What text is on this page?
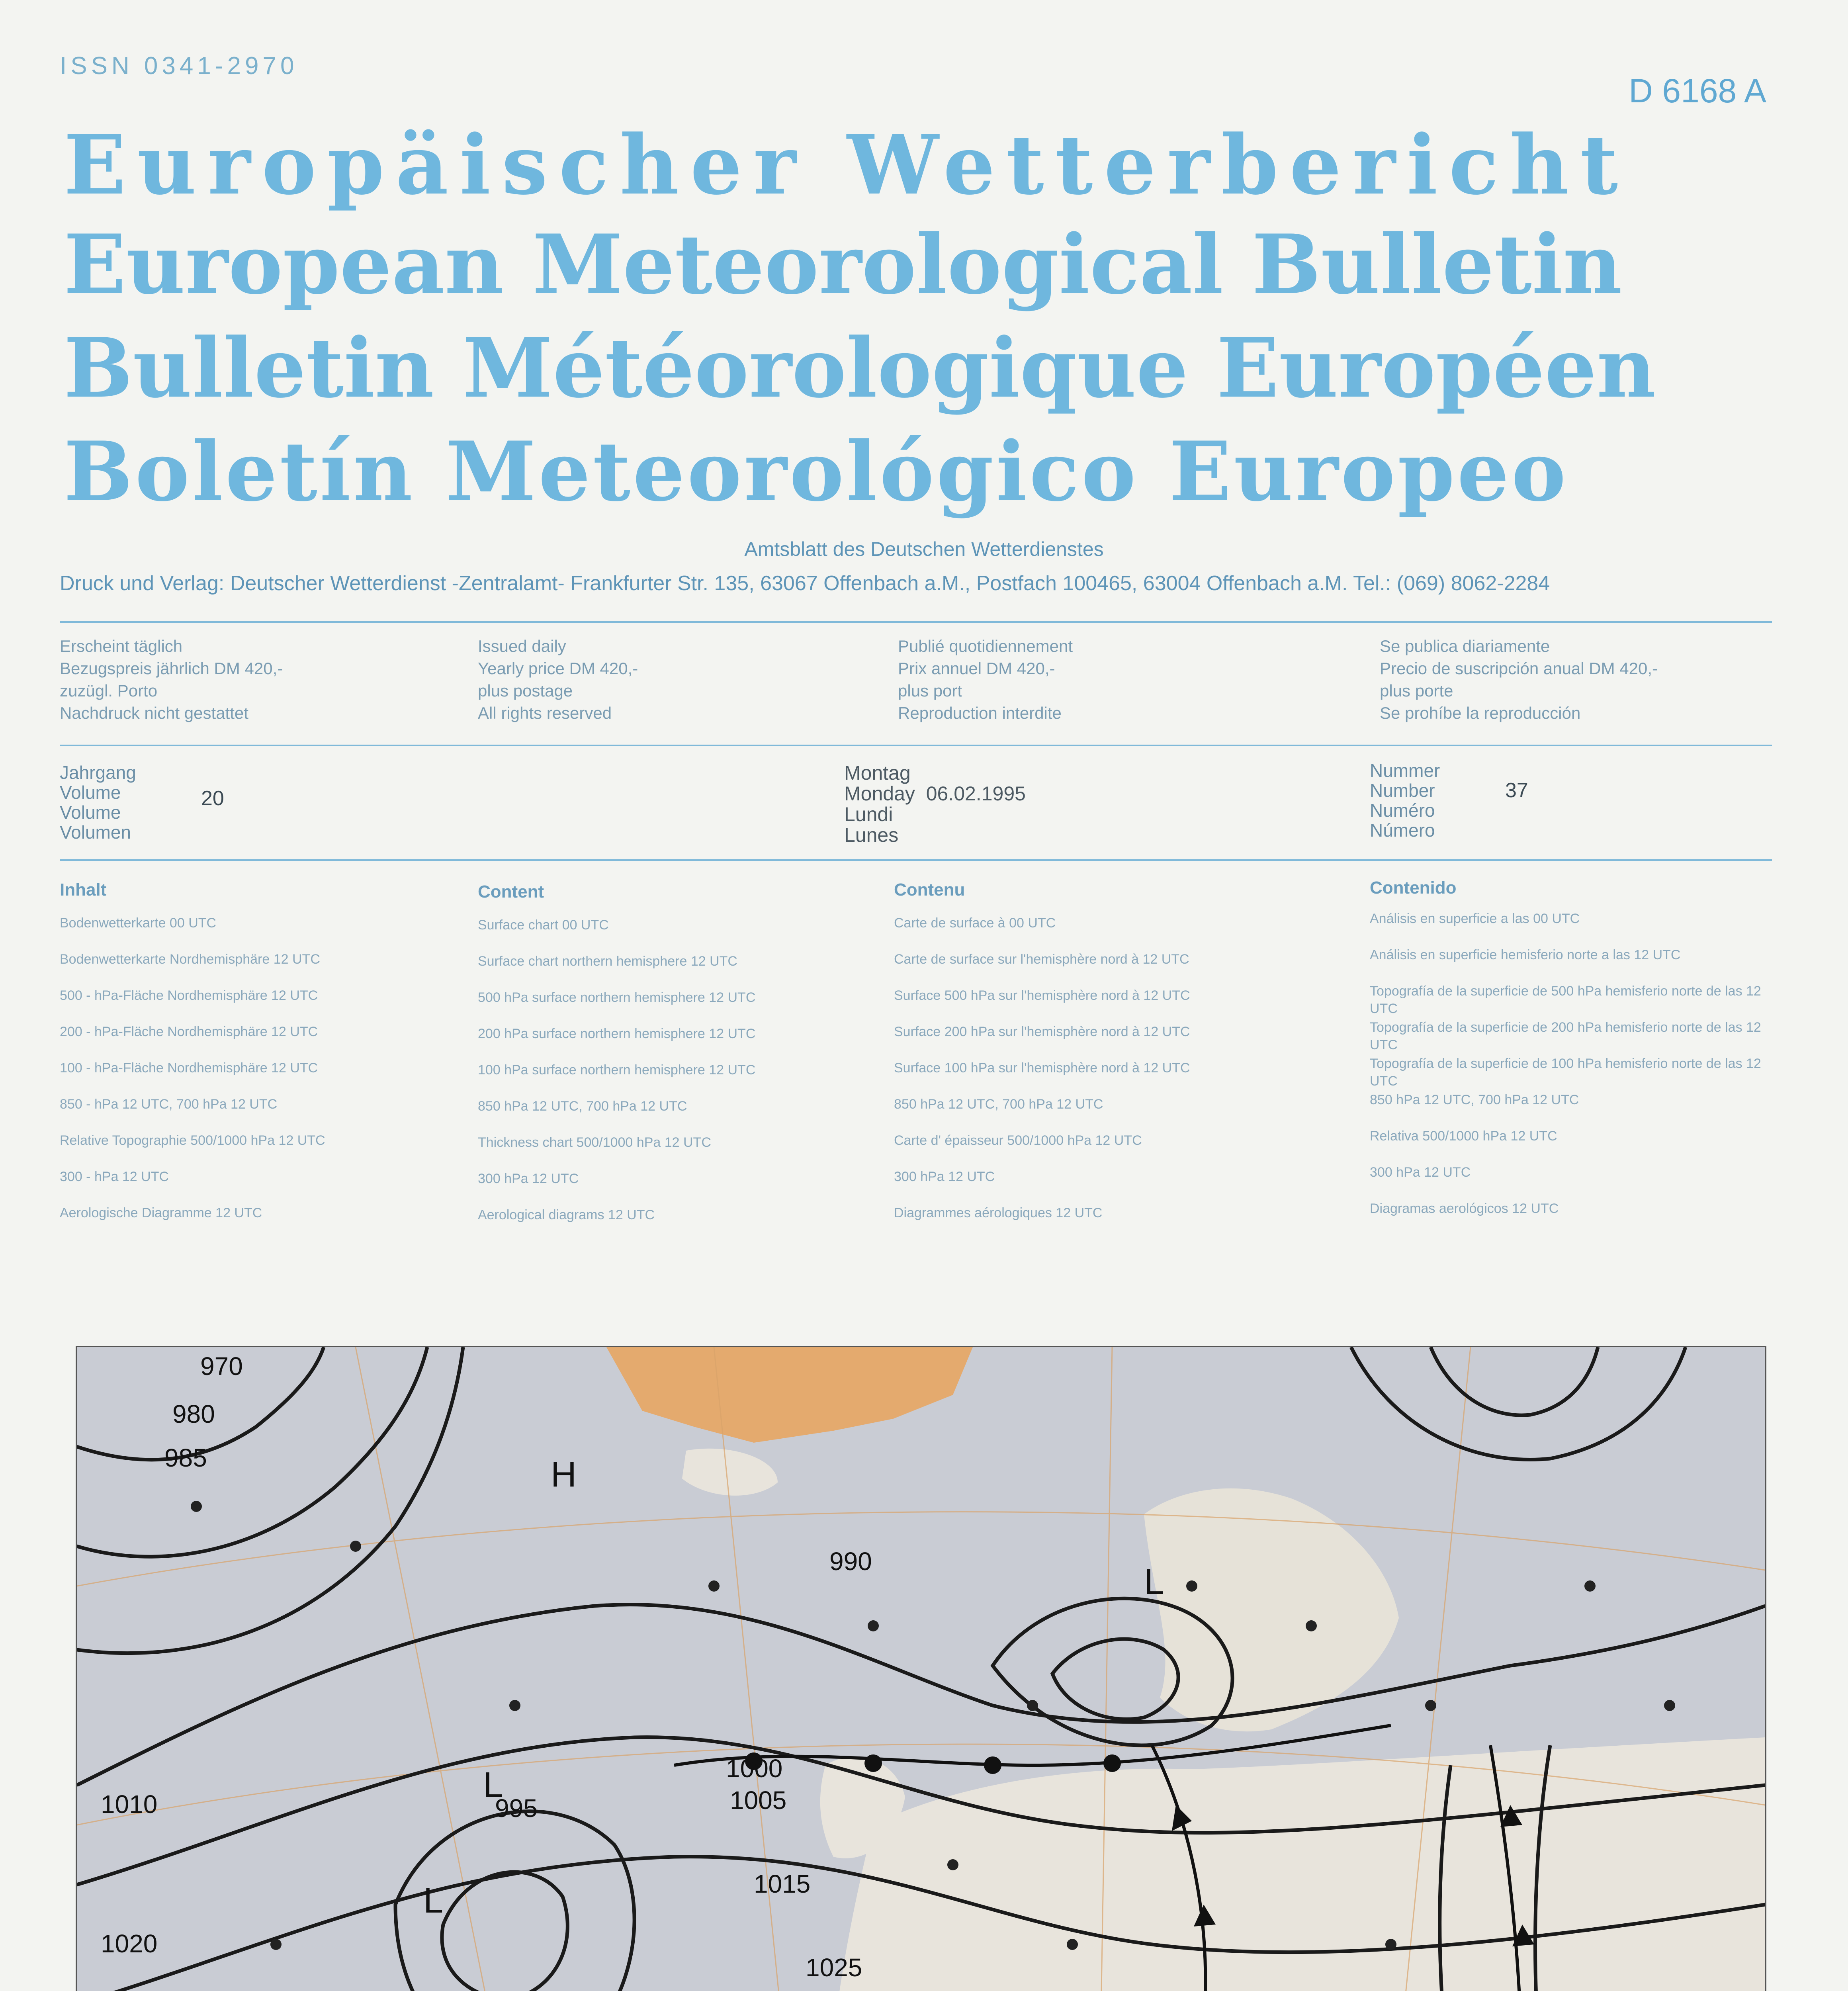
ISSN 0341-2970
D 6168 A
Europäischer Wetterbericht
European Meteorological Bulletin
Bulletin Météorologique Européen
Boletín Meteorológico Europeo
Amtsblatt des Deutschen Wetterdienstes
Druck und Verlag: Deutscher Wetterdienst -Zentralamt- Frankfurter Str. 135, 63067 Offenbach a.M., Postfach 100465, 63004 Offenbach a.M. Tel.: (069) 8062-2284
Erscheint täglich
Bezugspreis jährlich DM 420,-
zuzügl. Porto
Nachdruck nicht gestattet
Issued daily
Yearly price DM 420,-
plus postage
All rights reserved
Publié quotidiennement
Prix annuel DM 420,-
plus port
Reproduction interdite
Se publica diariamente
Precio de suscripción anual DM 420,-
plus porte
Se prohíbe la reproducción
Jahrgang
Volume
Volume
Volumen
20
Montag
Monday 06.02.1995
Lundi
Lunes
Nummer
Number
Numéro
Número
37
Inhalt
Bodenwetterkarte 00 UTC
Bodenwetterkarte Nordhemisphäre 12 UTC
500 - hPa-Fläche Nordhemisphäre 12 UTC
200 - hPa-Fläche Nordhemisphäre 12 UTC
100 - hPa-Fläche Nordhemisphäre 12 UTC
850 - hPa 12 UTC, 700 hPa 12 UTC
Relative Topographie 500/1000 hPa 12 UTC
300 - hPa 12 UTC
Aerologische Diagramme 12 UTC
Content
Surface chart 00 UTC
Surface chart northern hemisphere 12 UTC
500 hPa surface northern hemisphere 12 UTC
200 hPa surface northern hemisphere 12 UTC
100 hPa surface northern hemisphere 12 UTC
850 hPa 12 UTC, 700 hPa 12 UTC
Thickness chart 500/1000 hPa 12 UTC
300 hPa 12 UTC
Aerological diagrams 12 UTC
Contenu
Carte de surface à 00 UTC
Carte de surface sur l'hemisphère nord à 12 UTC
Surface 500 hPa sur l'hemisphère nord à 12 UTC
Surface 200 hPa sur l'hemisphère nord à 12 UTC
Surface 100 hPa sur l'hemisphère nord à 12 UTC
850 hPa 12 UTC, 700 hPa 12 UTC
Carte d' épaisseur 500/1000 hPa 12 UTC
300 hPa 12 UTC
Diagrammes aérologiques 12 UTC
Contenido
Análisis en superficie a las 00 UTC
Análisis en superficie hemisferio norte a las 12 UTC
Topografía de la superficie de 500 hPa hemisferio norte de las 12 UTC
Topografía de la superficie de 200 hPa hemisferio norte de las 12 UTC
Topografía de la superficie de 100 hPa hemisferio norte de las 12 UTC
850 hPa 12 UTC, 700 hPa 12 UTC
Relativa 500/1000 hPa 12 UTC
300 hPa 12 UTC
Diagramas aerológicos 12 UTC
970
980
985
990
995
1000
1005
1010
1015
1020
1025
L
L
L
H
